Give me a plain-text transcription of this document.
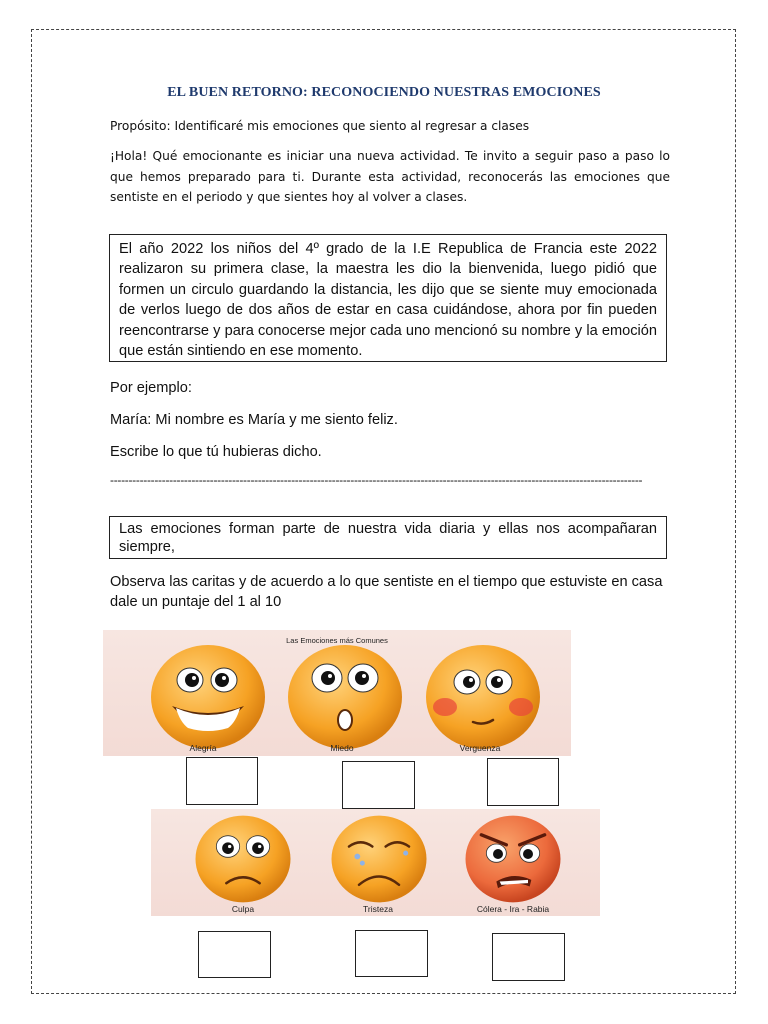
EL BUEN RETORNO: RECONOCIENDO NUESTRAS EMOCIONES
Propósito: Identificaré mis emociones que siento al regresar a clases
¡Hola! Qué emocionante es iniciar una nueva actividad. Te invito a seguir paso a paso lo que hemos preparado para ti. Durante esta actividad, reconocerás las emociones que sentiste en el periodo y que sientes hoy al volver a clases.
El año 2022 los niños del 4º grado de la I.E Republica de Francia este 2022 realizaron su primera clase, la maestra les dio la bienvenida, luego pidió que formen un circulo guardando la distancia, les dijo que se siente muy emocionada de verlos luego de dos años de estar en casa cuidándose, ahora por fin pueden reencontrarse y para conocerse mejor cada uno mencionó su nombre y la emoción que están sintiendo en ese momento.
Por ejemplo:
María: Mi nombre es María y me siento feliz.
Escribe lo que tú hubieras dicho.
------------------------------------------------------------------------------------------------------------------------------------------------
Las emociones forman parte de nuestra vida diaria y ellas nos acompañaran siempre,
Observa las caritas y de acuerdo a lo que sentiste en el tiempo que estuviste en casa dale un puntaje del 1 al 10
Las Emociones más Comunes
Alegría	Miedo	Verguenza
Culpa	Tristeza	Cólera - Ira - Rabia
